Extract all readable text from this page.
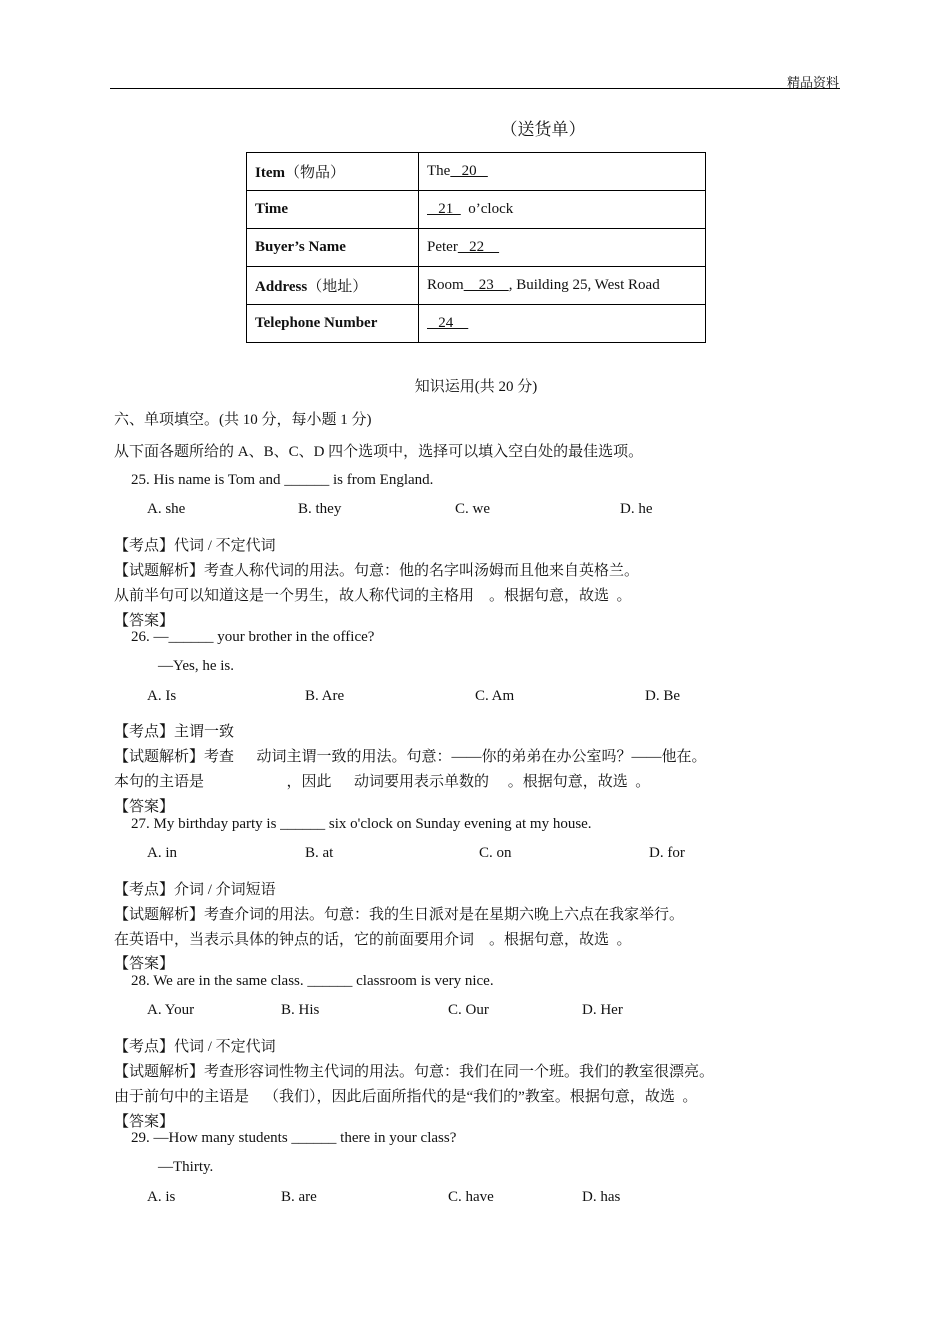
精品资料
（送货单）
Item（物品）	The   20
Time	21    o’clock
Buyer’s Name	Peter   22
Address（地址）	Room    23    , Building 25, West Road
Telephone Number	24
知识运用(共 20 分)
六、单项填空。(共 10 分，每小题 1 分)
从下面各题所给的 A、B、C、D 四个选项中，选择可以填入空白处的最佳选项。
25. His name is Tom and ______ is from England.
A. she	B. they	C. we	D. he
【考点】代词 / 不定代词
【试题解析】考查人称代词的用法。句意：他的名字叫汤姆而且他来自英格兰。
从前半句可以知道这是一个男生，故人称代词的主格用    。根据句意，故选  。
【答案】
26. —______ your brother in the office?
—Yes, he is.
A. Is	B. Are	C. Am	D. Be
【考点】主谓一致
【试题解析】考查      动词主谓一致的用法。句意：——你的弟弟在办公室吗？——他在。
本句的主语是                      ，因此      动词要用表示单数的     。根据句意，故选  。
【答案】
27. My birthday party is ______ six o'clock on Sunday evening at my house.
A. in	B. at	C. on	D. for
【考点】介词 / 介词短语
【试题解析】考查介词的用法。句意：我的生日派对是在星期六晚上六点在我家举行。
在英语中，当表示具体的钟点的话，它的前面要用介词    。根据句意，故选  。
【答案】
28. We are in the same class. ______ classroom is very nice.
A. Your	B. His	C. Our	D. Her
【考点】代词 / 不定代词
【试题解析】考查形容词性物主代词的用法。句意：我们在同一个班。我们的教室很漂亮。
由于前句中的主语是    （我们），因此后面所指代的是“我们的”教室。根据句意，故选  。
【答案】
29. —How many students ______ there in your class?
—Thirty.
A. is	B. are	C. have	D. has
